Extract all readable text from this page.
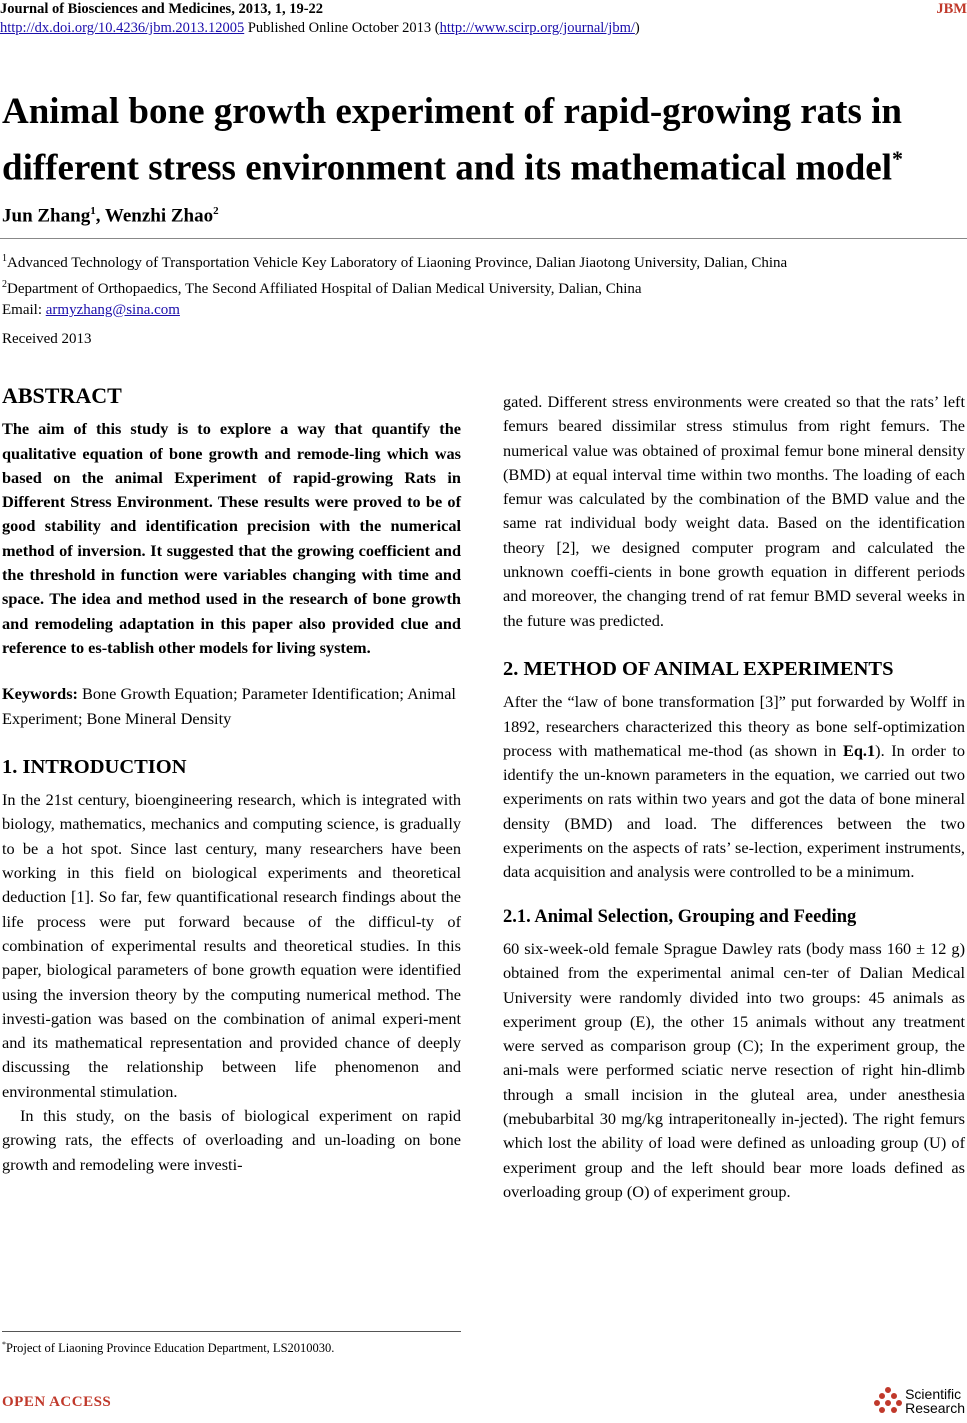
Journal of Biosciences and Medicines, 2013, 1, 19-22	JBM
http://dx.doi.org/10.4236/jbm.2013.12005 Published Online October 2013 (http://www.scirp.org/journal/jbm/)
Animal bone growth experiment of rapid-growing rats in
different stress environment and its mathematical model*
Jun Zhang$^1$, Wenzhi Zhao$^2$
$^1$Advanced Technology of Transportation Vehicle Key Laboratory of Liaoning Province, Dalian Jiaotong University, Dalian, China
$^2$Department of Orthopaedics, The Second Affiliated Hospital of Dalian Medical University, Dalian, China
Email: armyzhang@sina.com
Received 2013

ABSTRACT

The aim of this study is to explore a way that quantify the qualitative equation of bone growth and remode-ling which was based on the animal Experiment of rapid-growing Rats in Different Stress Environment. These results were proved to be of good stability and identification precision with the numerical method of inversion. It suggested that the growing coefficient and the threshold in function were variables changing with time and space. The idea and method used in the research of bone growth and remodeling adaptation in this paper also provided clue and reference to es-tablish other models for living system.

Keywords: Bone Growth Equation; Parameter Identification; Animal Experiment; Bone Mineral Density

1. INTRODUCTION

In the 21st century, bioengineering research, which is integrated with biology, mathematics, mechanics and computing science, is gradually to be a hot spot. Since last century, many researchers have been working in this field on biological experiments and theoretical deduction [1]. So far, few quantificational research findings about the life process were put forward because of the difficul-ty of combination of experimental results and theoretical studies. In this paper, biological parameters of bone growth equation were identified using the inversion theory by the computing numerical method. The investi-gation was based on the combination of animal experi-ment and its mathematical representation and provided chance of deeply discussing the relationship between life phenomenon and environmental stimulation.

In this study, on the basis of biological experiment on rapid growing rats, the effects of overloading and un-loading on bone growth and remodeling were investi-

gated. Different stress environments were created so that the rats’ left femurs beared dissimilar stress stimulus from right femurs. The numerical value was obtained of proximal femur bone mineral density (BMD) at equal interval time within two months. The loading of each femur was calculated by the combination of the BMD value and the same rat individual body weight data. Based on the identification theory [2], we designed computer program and calculated the unknown coeffi-cients in bone growth equation in different periods and moreover, the changing trend of rat femur BMD several weeks in the future was predicted.

2. METHOD OF ANIMAL EXPERIMENTS

After the “law of bone transformation [3]” put forwarded by Wolff in 1892, researchers characterized this theory as bone self-optimization process with mathematical me-thod (as shown in Eq.1). In order to identify the un-known parameters in the equation, we carried out two experiments on rats within two years and got the data of bone mineral density (BMD) and load. The differences between the two experiments on the aspects of rats’ se-lection, experiment instruments, data acquisition and analysis were controlled to be a minimum.

2.1. Animal Selection, Grouping and Feeding

60 six-week-old female Sprague Dawley rats (body mass 160 ± 12 g) obtained from the experimental animal cen-ter of Dalian Medical University were randomly divided into two groups: 45 animals as experiment group (E), the other 15 animals without any treatment were served as comparison group (C); In the experiment group, the ani-mals were performed sciatic nerve resection of right hin-dlimb through a small incision in the gluteal area, under anesthesia (mebubarbital 30 mg/kg intraperitoneally in-jected). The right femurs which lost the ability of load were defined as unloading group (U) of experiment group and the left should bear more loads defined as overloading group (O) of experiment group.

*Project of Liaoning Province Education Department, LS2010030.
OPEN ACCESS	Scientific
Research
